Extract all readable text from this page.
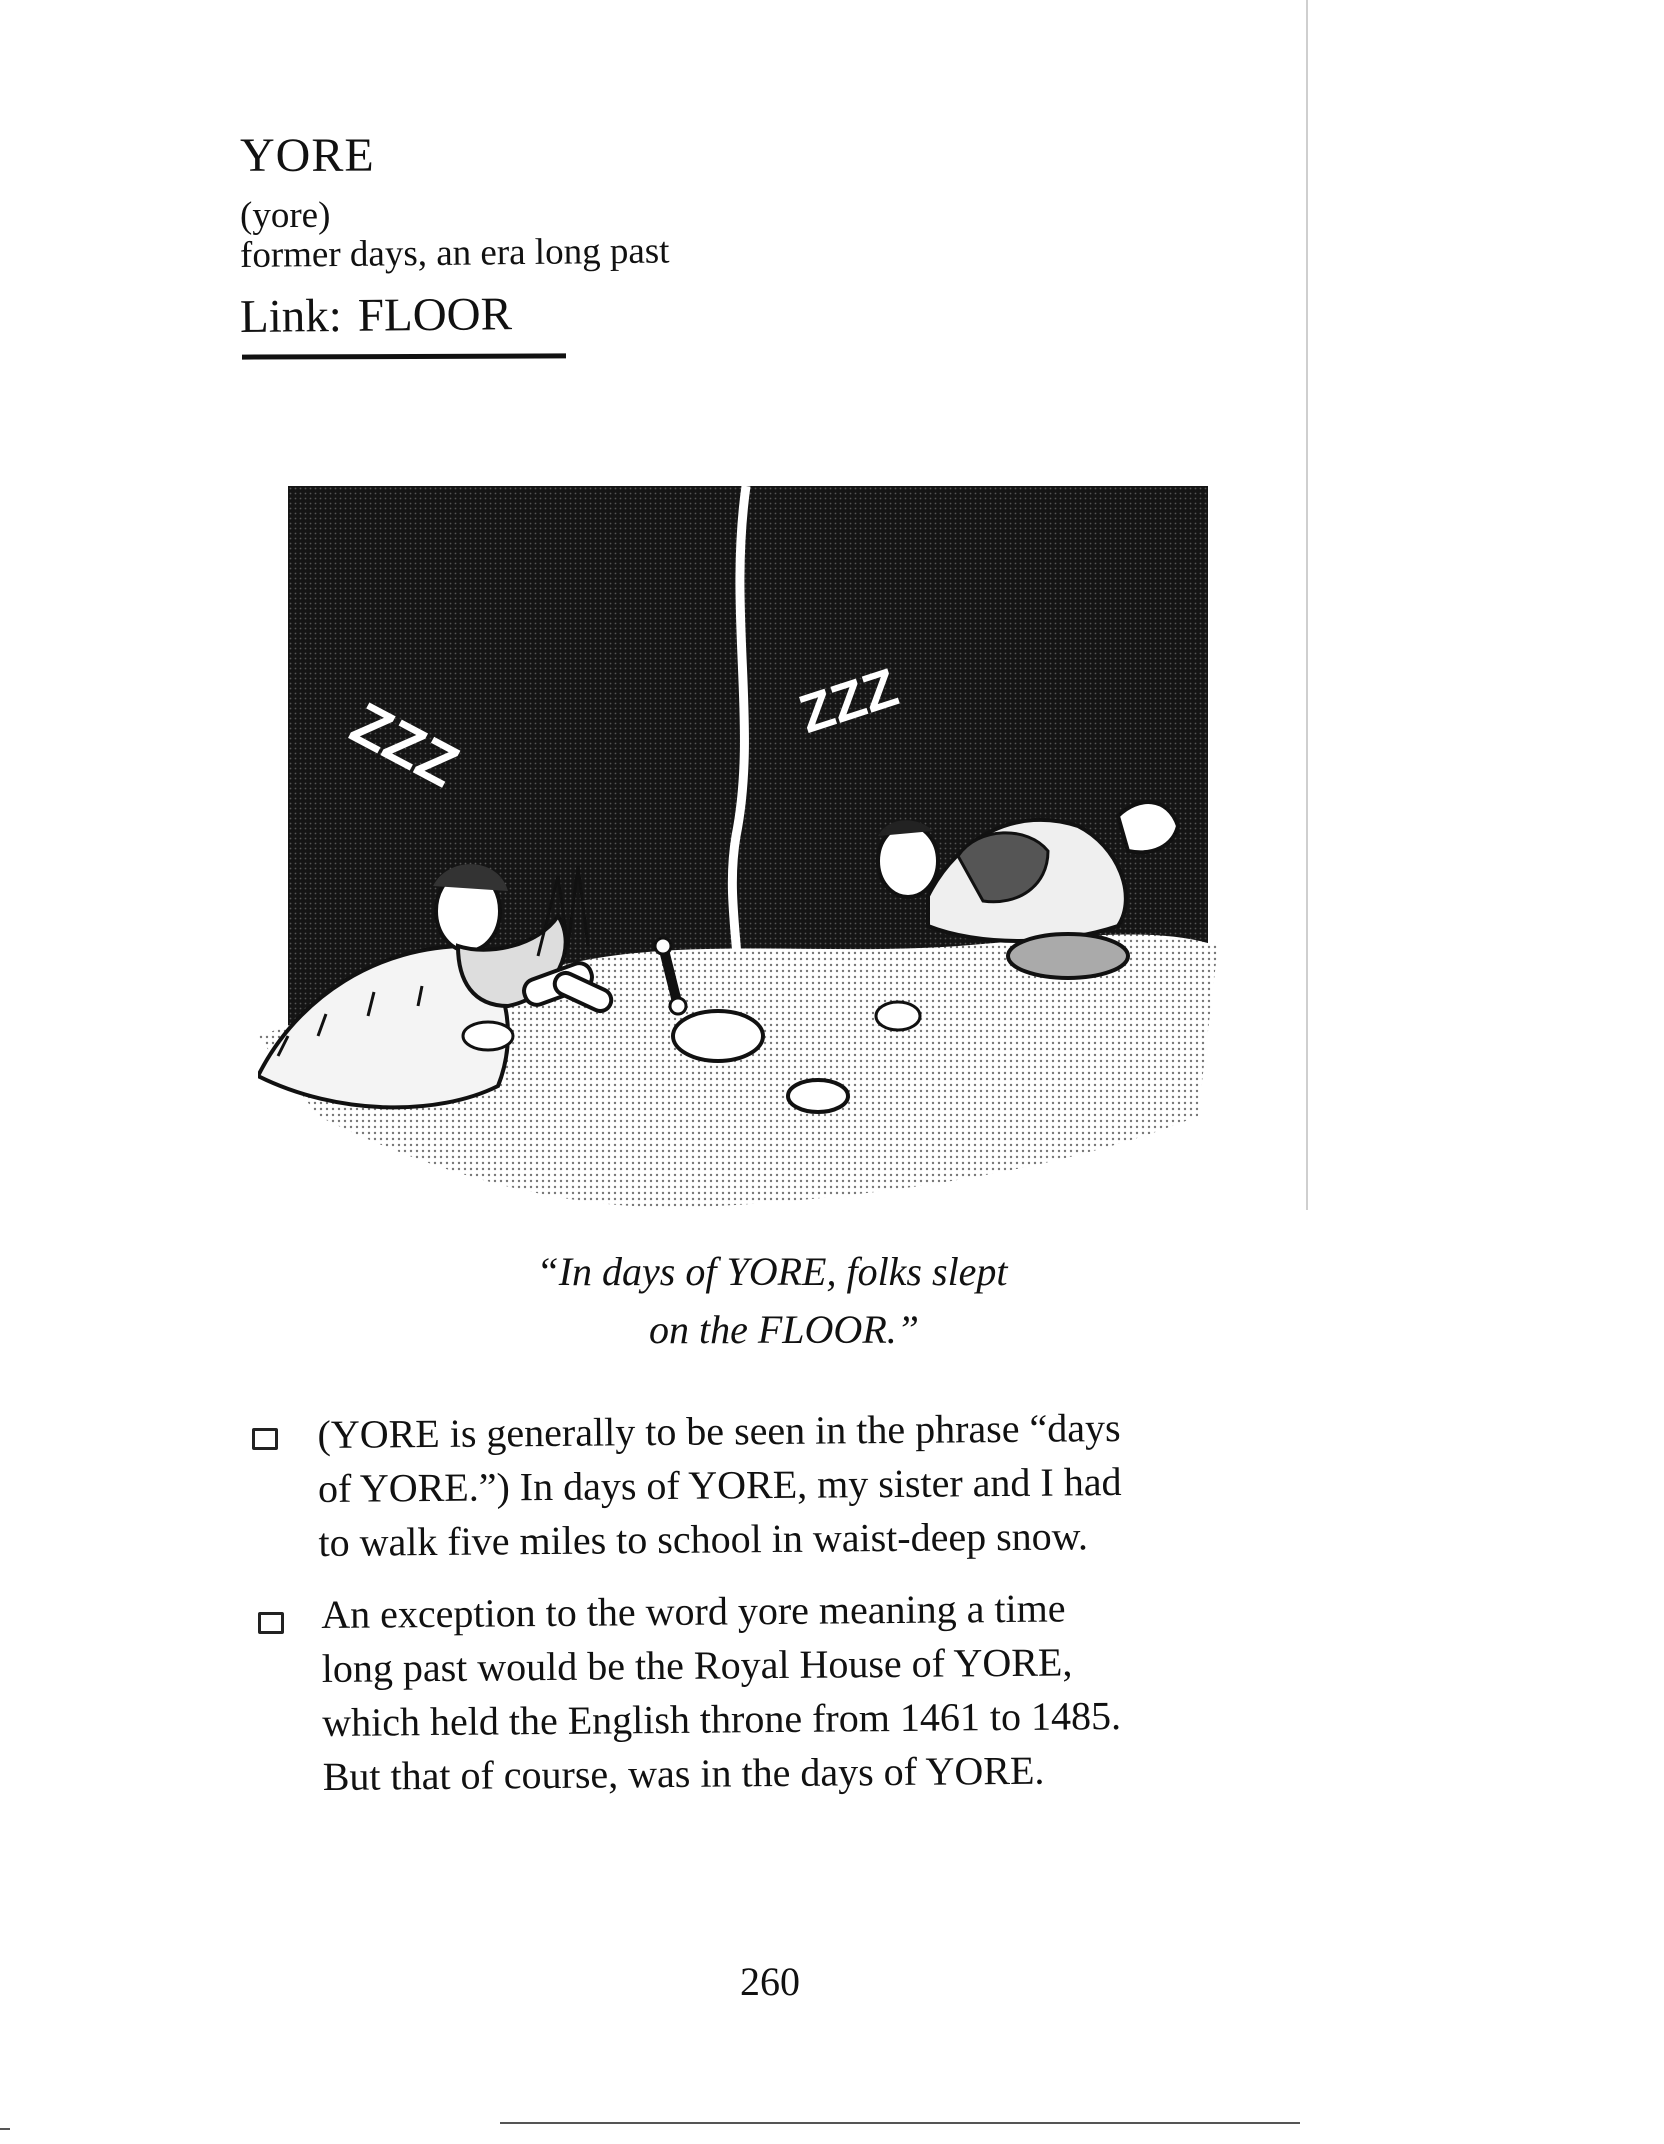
YORE
(yore)
former days, an era long past
Link: FLOOR
ZZZ	ZZZ
“In days of YORE, folks slept
on the FLOOR.”
(YORE is generally to be seen in the phrase “days
of YORE.”) In days of YORE, my sister and I had
to walk five miles to school in waist-deep snow.
An exception to the word yore meaning a time
long past would be the Royal House of YORE,
which held the English throne from 1461 to 1485.
But that of course, was in the days of YORE.
260
